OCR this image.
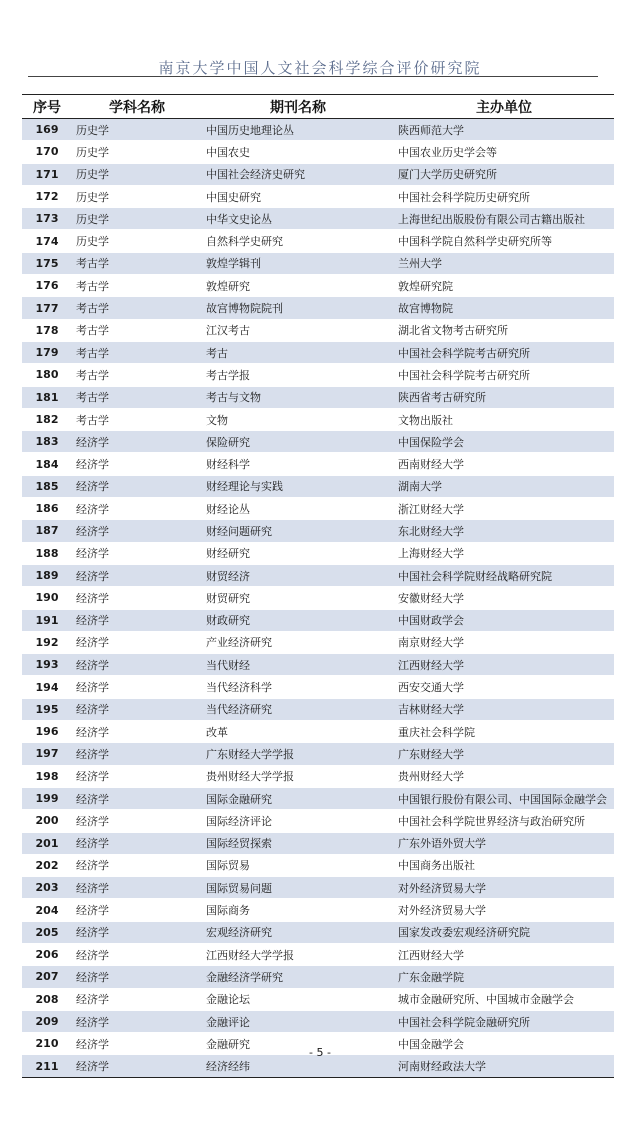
南京大学中国人文社会科学综合评价研究院
序号	学科名称	期刊名称	主办单位
169	历史学	中国历史地理论丛	陕西师范大学
170	历史学	中国农史	中国农业历史学会等
171	历史学	中国社会经济史研究	厦门大学历史研究所
172	历史学	中国史研究	中国社会科学院历史研究所
173	历史学	中华文史论丛	上海世纪出版股份有限公司古籍出版社
174	历史学	自然科学史研究	中国科学院自然科学史研究所等
175	考古学	敦煌学辑刊	兰州大学
176	考古学	敦煌研究	敦煌研究院
177	考古学	故宫博物院院刊	故宫博物院
178	考古学	江汉考古	湖北省文物考古研究所
179	考古学	考古	中国社会科学院考古研究所
180	考古学	考古学报	中国社会科学院考古研究所
181	考古学	考古与文物	陕西省考古研究所
182	考古学	文物	文物出版社
183	经济学	保险研究	中国保险学会
184	经济学	财经科学	西南财经大学
185	经济学	财经理论与实践	湖南大学
186	经济学	财经论丛	浙江财经大学
187	经济学	财经问题研究	东北财经大学
188	经济学	财经研究	上海财经大学
189	经济学	财贸经济	中国社会科学院财经战略研究院
190	经济学	财贸研究	安徽财经大学
191	经济学	财政研究	中国财政学会
192	经济学	产业经济研究	南京财经大学
193	经济学	当代财经	江西财经大学
194	经济学	当代经济科学	西安交通大学
195	经济学	当代经济研究	吉林财经大学
196	经济学	改革	重庆社会科学院
197	经济学	广东财经大学学报	广东财经大学
198	经济学	贵州财经大学学报	贵州财经大学
199	经济学	国际金融研究	中国银行股份有限公司、中国国际金融学会
200	经济学	国际经济评论	中国社会科学院世界经济与政治研究所
201	经济学	国际经贸探索	广东外语外贸大学
202	经济学	国际贸易	中国商务出版社
203	经济学	国际贸易问题	对外经济贸易大学
204	经济学	国际商务	对外经济贸易大学
205	经济学	宏观经济研究	国家发改委宏观经济研究院
206	经济学	江西财经大学学报	江西财经大学
207	经济学	金融经济学研究	广东金融学院
208	经济学	金融论坛	城市金融研究所、中国城市金融学会
209	经济学	金融评论	中国社会科学院金融研究所
210	经济学	金融研究	中国金融学会
211	经济学	经济经纬	河南财经政法大学
- 5 -
